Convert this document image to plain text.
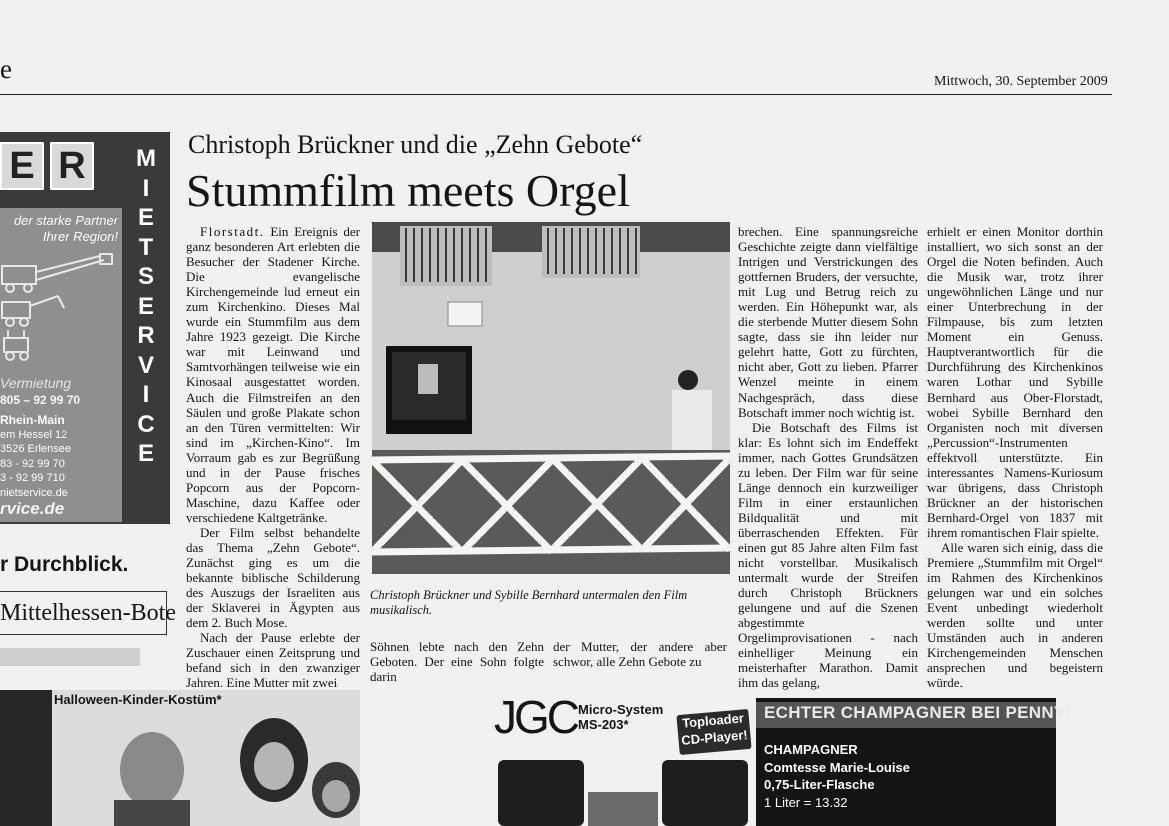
e	Mittwoch, 30. September 2009
E R
der starke Partner
Ihrer Region!
Vermietung
805 – 92 99 70
Rhein-Main
em Hessel 12
3526 Erlensee
83 - 92 99 70
3 - 92 99 710
nietservice.de
rvice.de
M
I
E
T
S
E
R
V
I
C
E
r Durchblick.
Mittelhessen-Bote
Christoph Brückner und die „Zehn Gebote“
Stummfilm meets Orgel

Florstadt. Ein Ereignis der ganz besonderen Art erlebten die Besucher der Stadener Kirche. Die evangelische Kirchengemeinde lud erneut ein zum Kirchenkino. Dieses Mal wurde ein Stummfilm aus dem Jahre 1923 gezeigt. Die Kirche war mit Leinwand und Samtvorhängen teilweise wie ein Kinosaal ausgestattet worden. Auch die Filmstreifen an den Säulen und große Plakate schon an den Türen vermittelten: Wir sind im „Kirchen-Kino“. Im Vorraum gab es zur Begrüßung und in der Pause frisches Popcorn aus der Popcorn-Maschine, dazu Kaffee oder verschiedene Kaltgetränke.

Der Film selbst behandelte das Thema „Zehn Gebote“. Zunächst ging es um die bekannte biblische Schilderung des Auszugs der Israeliten aus der Sklaverei in Ägypten aus dem 2. Buch Mose.

Nach der Pause erlebte der Zuschauer einen Zeitsprung und befand sich in den zwanziger Jahren. Eine Mutter mit zwei

Christoph Brückner und Sybille Bernhard untermalen den Film musikalisch.

Söhnen lebte nach den Zehn Geboten. Der eine Sohn folgte darin

der Mutter, der andere aber schwor, alle Zehn Gebote zu

brechen. Eine spannungsreiche Geschichte zeigte dann vielfältige Intrigen und Verstrickungen des gottfernen Bruders, der versuchte, mit Lug und Betrug reich zu werden. Ein Höhepunkt war, als die sterbende Mutter diesem Sohn sagte, dass sie ihn leider nur gelehrt hatte, Gott zu fürchten, nicht aber, Gott zu lieben. Pfarrer Wenzel meinte in einem Nachgespräch, dass diese Botschaft immer noch wichtig ist.

Die Botschaft des Films ist klar: Es lohnt sich im Endeffekt immer, nach Gottes Grundsätzen zu leben. Der Film war für seine Länge dennoch ein kurzweiliger Film in einer erstaunlichen Bildqualität und mit überraschenden Effekten. Für einen gut 85 Jahre alten Film fast nicht vorstellbar. Musikalisch untermalt wurde der Streifen durch Christoph Brückners gelungene und auf die Szenen abgestimmte Orgelimprovisationen - nach einhelliger Meinung ein meisterhafter Marathon. Damit ihm das gelang,

erhielt er einen Monitor dorthin installiert, wo sich sonst an der Orgel die Noten befinden. Auch die Musik war, trotz ihrer ungewöhnlichen Länge und nur einer Unterbrechung in der Filmpause, bis zum letzten Moment ein Genuss. Hauptverantwortlich für die Durchführung des Kirchenkinos waren Lothar und Sybille Bernhard aus Ober-Florstadt, wobei Sybille Bernhard den Organisten noch mit diversen „Percussion“-Instrumenten effektvoll unterstützte. Ein interessantes Namens-Kuriosum war übrigens, dass Christoph Brückner an der historischen Bernhard-Orgel von 1837 mit ihrem romantischen Flair spielte.

Alle waren sich einig, dass die Premiere „Stummfilm mit Orgel“ im Rahmen des Kirchenkinos gelungen war und ein solches Event unbedingt wiederholt werden sollte und unter Umständen auch in anderen Kirchengemeinden Menschen ansprechen und begeistern würde.

Halloween-Kinder-Kostüm*	JGC Micro-System
MS-203*	Toploader
CD-Player!
ECHTER CHAMPAGNER BEI PENNY!
CHAMPAGNER
Comtesse Marie-Louise
0,75-Liter-Flasche
1 Liter = 13.32
